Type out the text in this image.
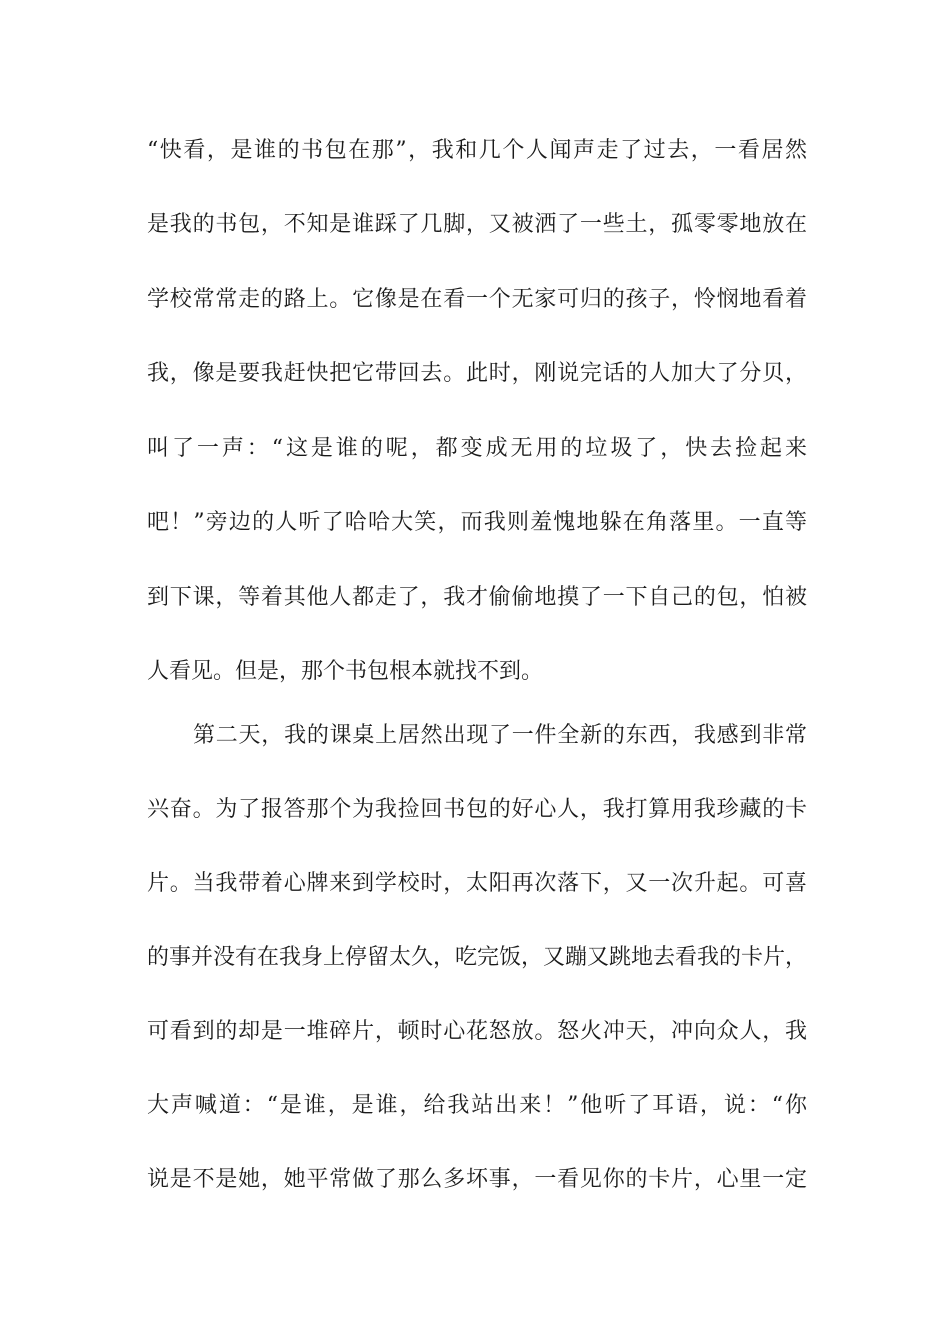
“快看，是谁的书包在那”，我和几个人闻声走了过去，一看居然
是我的书包，不知是谁踩了几脚，又被洒了一些土，孤零零地放在
学校常常走的路上。它像是在看一个无家可归的孩子，怜悯地看着
我，像是要我赶快把它带回去。此时，刚说完话的人加大了分贝，
叫了一声：“这是谁的呢，都变成无用的垃圾了，快去捡起来
吧！”旁边的人听了哈哈大笑，而我则羞愧地躲在角落里。一直等
到下课，等着其他人都走了，我才偷偷地摸了一下自己的包，怕被
人看见。但是，那个书包根本就找不到。
第二天，我的课桌上居然出现了一件全新的东西，我感到非常
兴奋。为了报答那个为我捡回书包的好心人，我打算用我珍藏的卡
片。当我带着心牌来到学校时，太阳再次落下，又一次升起。可喜
的事并没有在我身上停留太久，吃完饭，又蹦又跳地去看我的卡片，
可看到的却是一堆碎片，顿时心花怒放。怒火冲天，冲向众人，我
大声喊道：“是谁，是谁，给我站出来！”他听了耳语，说：“你
说是不是她，她平常做了那么多坏事，一看见你的卡片，心里一定
